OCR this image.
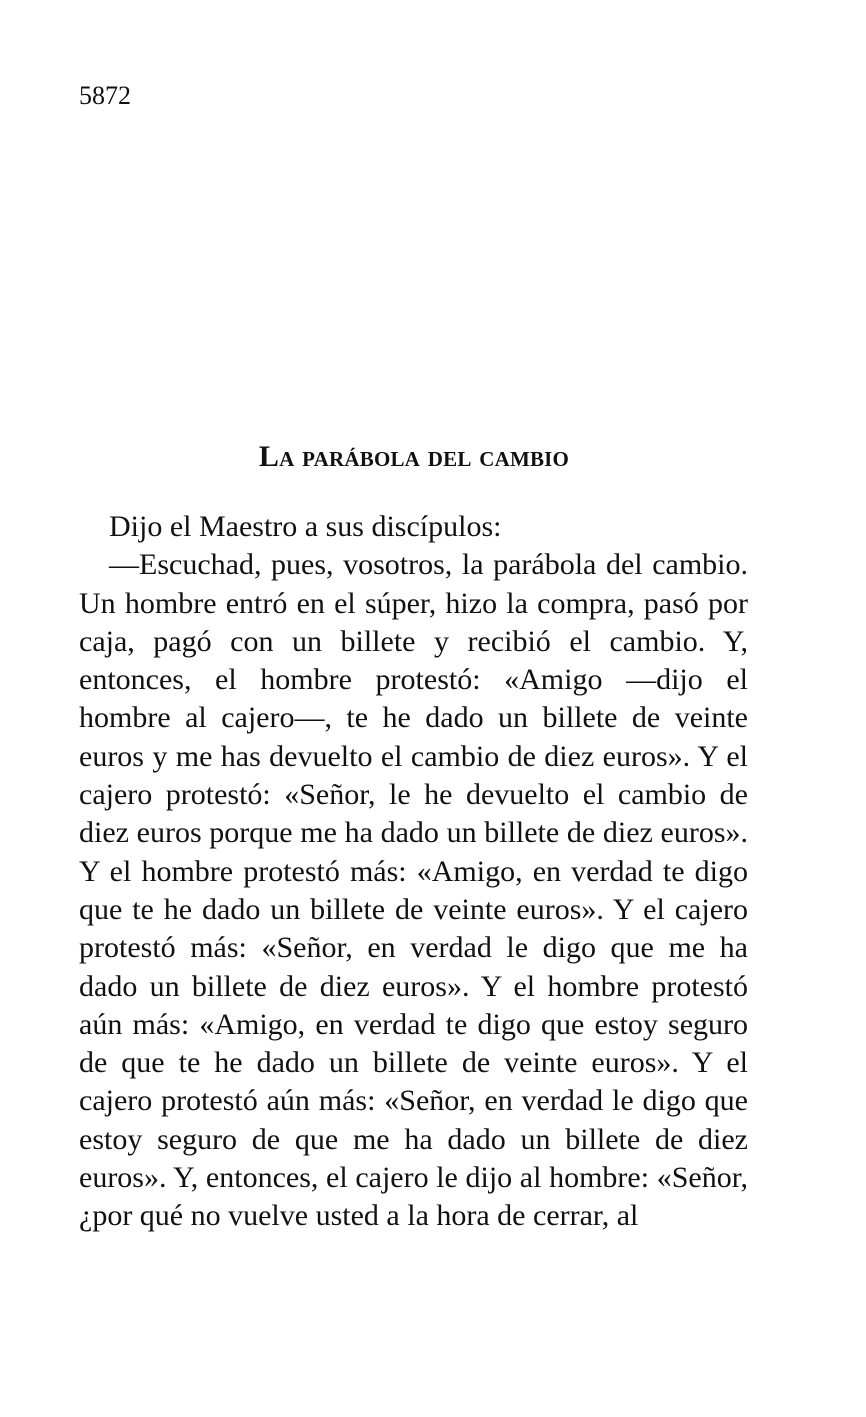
5872
La parábola del cambio

Dijo el Maestro a sus discípulos:

—Escuchad, pues, vosotros, la parábola del cambio. Un hombre entró en el súper, hizo la compra, pasó por caja, pagó con un billete y recibió el cambio. Y, entonces, el hombre protestó: «Amigo —dijo el hombre al cajero—, te he dado un billete de veinte euros y me has devuelto el cambio de diez euros». Y el cajero protestó: «Señor, le he devuelto el cambio de diez euros porque me ha dado un billete de diez euros». Y el hombre protestó más: «Amigo, en verdad te digo que te he dado un billete de veinte euros». Y el cajero protestó más: «Señor, en verdad le digo que me ha dado un billete de diez euros». Y el hombre protestó aún más: «Amigo, en verdad te digo que estoy seguro de que te he dado un billete de veinte euros». Y el cajero protestó aún más: «Señor, en verdad le digo que estoy seguro de que me ha dado un billete de diez euros». Y, entonces, el cajero le dijo al hombre: «Señor, ¿por qué no vuelve usted a la hora de cerrar, al
